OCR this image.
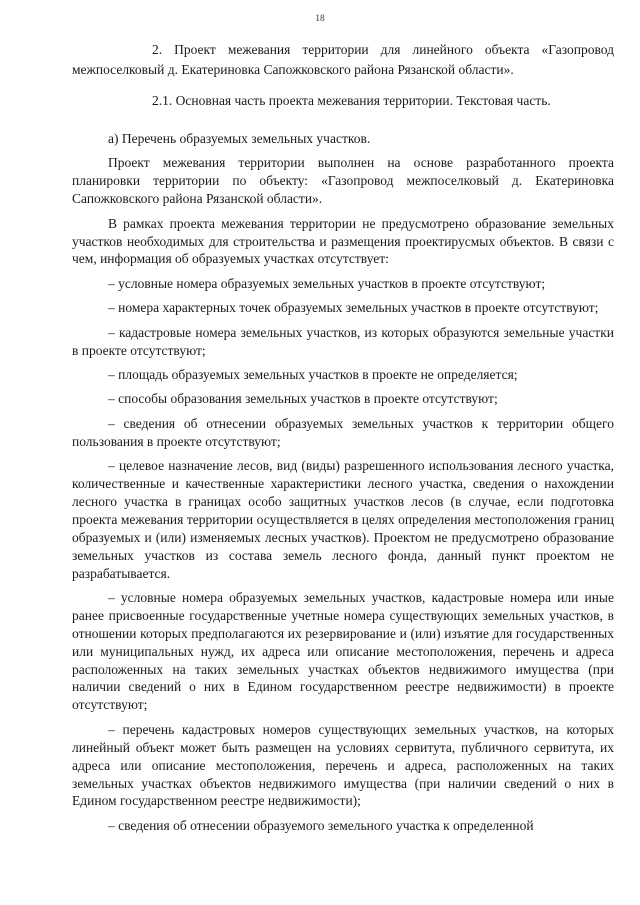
18
2. Проект межевания территории для линейного объекта «Газопровод межпоселковый д. Екатериновка Сапожковского района Рязанской области».
2.1. Основная часть проекта межевания территории. Текстовая часть.

а) Перечень образуемых земельных участков.

Проект межевания территории выполнен на основе разработанного проекта планировки территории по объекту: «Газопровод межпоселковый д. Екатериновка Сапожковского района Рязанской области».

В рамках проекта межевания территории не предусмотрено образование земельных участков необходимых для строительства и размещения проектирусмых объектов. В связи с чем, информация об образуемых участках отсутствует:

– условные номера образуемых земельных участков в проекте отсутствуют;

– номера характерных точек образуемых земельных участков в проекте отсутствуют;

– кадастровые номера земельных участков, из которых образуются земельные участки в проекте отсутствуют;

– площадь образуемых земельных участков в проекте не определяется;

– способы образования земельных участков в проекте отсутствуют;

– сведения об отнесении образуемых земельных участков к территории общего пользования в проекте отсутствуют;

– целевое назначение лесов, вид (виды) разрешенного использования лесного участка, количественные и качественные характеристики лесного участка, сведения о нахождении лесного участка в границах особо защитных участков лесов (в случае, если подготовка проекта межевания территории осуществляется в целях определения местоположения границ образуемых и (или) изменяемых лесных участков). Проектом не предусмотрено образование земельных участков из состава земель лесного фонда, данный пункт проектом не разрабатывается.

– условные номера образуемых земельных участков, кадастровые номера или иные ранее присвоенные государственные учетные номера существующих земельных участков, в отношении которых предполагаются их резервирование и (или) изъятие для государственных или муниципальных нужд, их адреса или описание местоположения, перечень и адреса расположенных на таких земельных участках объектов недвижимого имущества (при наличии сведений о них в Едином государственном реестре недвижимости) в проекте отсутствуют;

– перечень кадастровых номеров существующих земельных участков, на которых линейный объект может быть размещен на условиях сервитута, публичного сервитута, их адреса или описание местоположения, перечень и адреса, расположенных на таких земельных участках объектов недвижимого имущества (при наличии сведений о них в Едином государственном реестре недвижимости);

– сведения об отнесении образуемого земельного участка к определенной
